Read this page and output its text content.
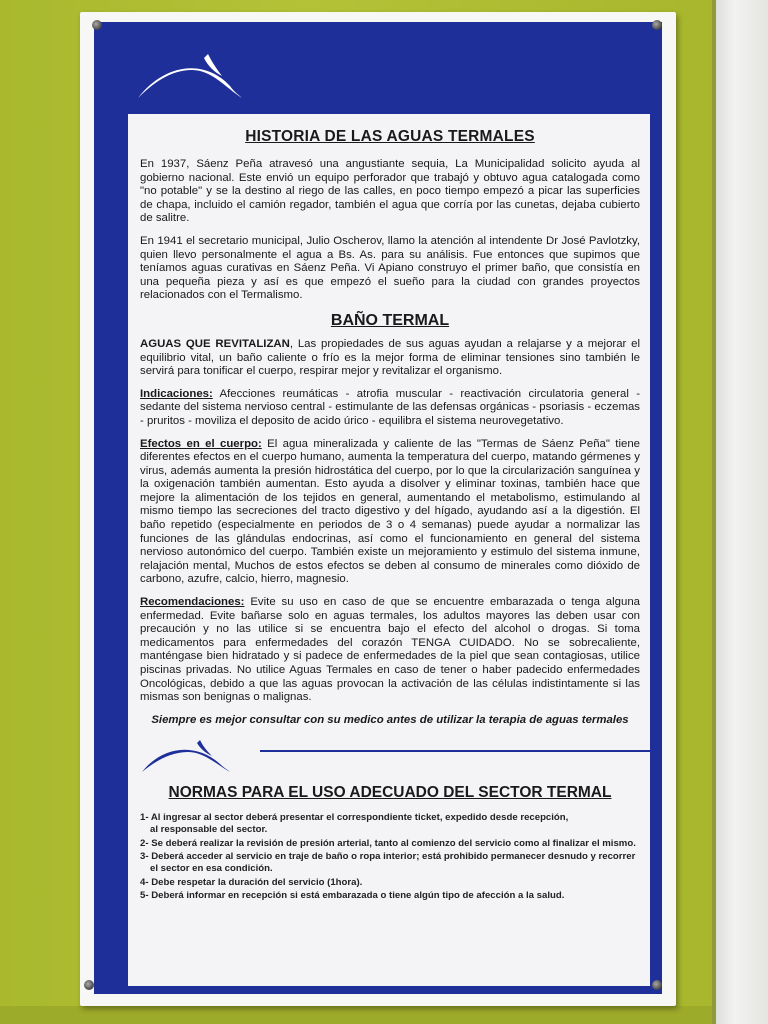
HISTORIA DE LAS AGUAS TERMALES

En 1937, Sáenz Peña atravesó una angustiante sequia, La Municipalidad solicito ayuda al gobierno nacional. Este envió un equipo perforador que trabajó y obtuvo agua catalogada como "no potable" y se la destino al riego de las calles, en poco tiempo empezó a picar las superficies de chapa, incluido el camión regador, también el agua que corría por las cunetas, dejaba cubierto de salitre.

En 1941 el secretario municipal, Julio Oscherov, llamo la atención al intendente Dr José Pavlotzky, quien llevo personalmente el agua a Bs. As. para su análisis. Fue entonces que supimos que teníamos aguas curativas en Sáenz Peña. Vi Apiano construyo el primer baño, que consistía en una pequeña pieza y así es que empezó el sueño para la ciudad con grandes proyectos relacionados con el Termalismo.

BAÑO TERMAL

AGUAS QUE REVITALIZAN, Las propiedades de sus aguas ayudan a relajarse y a mejorar el equilibrio vital, un baño caliente o frío es la mejor forma de eliminar tensiones sino también le servirá para tonificar el cuerpo, respirar mejor y revitalizar el organismo.

Indicaciones: Afecciones reumáticas - atrofia muscular - reactivación circulatoria general - sedante del sistema nervioso central - estimulante de las defensas orgánicas - psoriasis - eczemas - pruritos - moviliza el deposito de acido úrico - equilibra el sistema neurovegetativo.

Efectos en el cuerpo: El agua mineralizada y caliente de las "Termas de Sáenz Peña" tiene diferentes efectos en el cuerpo humano, aumenta la temperatura del cuerpo, matando gérmenes y virus, además aumenta la presión hidrostática del cuerpo, por lo que la circularización sanguínea y la oxigenación también aumentan. Esto ayuda a disolver y eliminar toxinas, también hace que mejore la alimentación de los tejidos en general, aumentando el metabolismo, estimulando al mismo tiempo las secreciones del tracto digestivo y del hígado, ayudando así a la digestión. El baño repetido (especialmente en periodos de 3 o 4 semanas) puede ayudar a normalizar las funciones de las glándulas endocrinas, así como el funcionamiento en general del sistema nervioso autonómico del cuerpo. También existe un mejoramiento y estimulo del sistema inmune, relajación mental, Muchos de estos efectos se deben al consumo de minerales como dióxido de carbono, azufre, calcio, hierro, magnesio.

Recomendaciones: Evite su uso en caso de que se encuentre embarazada o tenga alguna enfermedad. Evite bañarse solo en aguas termales, los adultos mayores las deben usar con precaución y no las utilice si se encuentra bajo el efecto del alcohol o drogas. Si toma medicamentos para enfermedades del corazón TENGA CUIDADO. No se sobrecaliente, manténgase bien hidratado y si padece de enfermedades de la piel que sean contagiosas, utilice piscinas privadas. No utilice Aguas Termales en caso de tener o haber padecido enfermedades Oncológicas, debido a que las aguas provocan la activación de las células indistintamente si las mismas son benignas o malignas.

Siempre es mejor consultar con su medico antes de utilizar la terapia de aguas termales

NORMAS PARA EL USO ADECUADO DEL SECTOR TERMAL
1- Al ingresar al sector deberá presentar el correspondiente ticket, expedido desde recepción,
al responsable del sector.
2- Se deberá realizar la revisión de presión arterial, tanto al comienzo del servicio como al finalizar el mismo.
3- Deberá acceder al servicio en traje de baño o ropa interior; está prohibido permanecer desnudo y recorrer
el sector en esa condición.
4- Debe respetar la duración del servicio (1hora).
5- Deberá informar en recepción si está embarazada o tiene algún tipo de afección a la salud.
